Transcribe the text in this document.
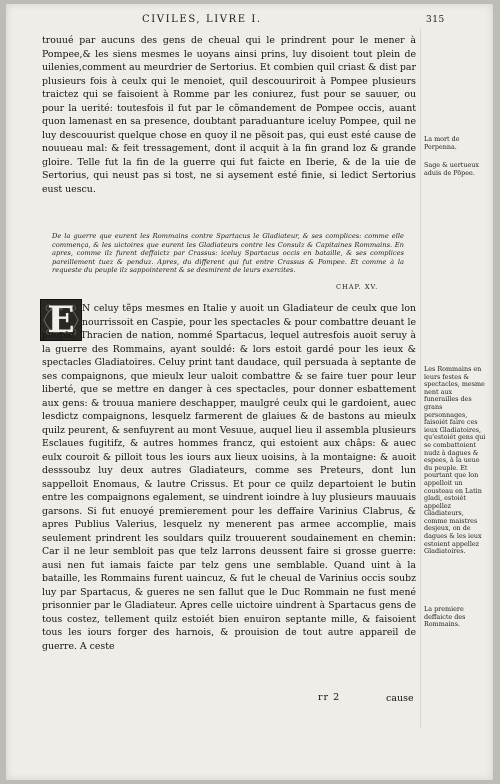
CIVILES, LIVRE I.	315

trouué par aucuns des gens de cheual qui le prindrent pour le mener à Pompee,& les siens mesmes le uoyans ainsi prins, luy disoient tout plein de uilenies,comment au meurdrier de Sertorius. Et combien quil criast & dist par plusieurs fois à ceulx qui le menoiet, quil descouuriroit à Pompee plusieurs traictez qui se faisoient à Romme par les coniurez, fust pour se sauuer, ou pour la uerité: toutesfois il fut par le cõmandement de Pompee occis, auant quon lamenast en sa presence, doubtant paraduanture iceluy Pompee, quil ne luy descouurist quelque chose en quoy il ne pẽsoit pas, qui eust esté cause de nouueau mal: & feit tressagement, dont il acquit à la fin grand loz & grande gloire. Telle fut la fin de la guerre qui fut faicte en Iberie, & de la uie de Sertorius, qui neust pas si tost, ne si aysement esté finie, si ledict Sertorius eust uescu.

De la guerre que eurent les Rommains contre Spartacus le Gladiateur, & ses complices: comme elle commença, & les uictoires que eurent les Gladiateurs contre les Consulz & Capitaines Rommains. En apres, comme ilz furent deffaictz par Crassus: iceluy Spartacus occis en bataille, & ses complices pareillement tuez & penduz. Apres, du different qui fut entre Crassus & Pompee. Et comme à la requeste du peuple ilz sappointerent & se desmirent de leurs exercites.

CHAP. XV.
E N celuy tẽps mesmes en Italie y auoit un Gladiateur de ceulx que lon nourrissoit en Caspie, pour les spectacles & pour combattre deuant le peuple, Thracien de nation, nommé Spartacus, lequel autresfois auoit seruy à la guerre des Rommains, ayant souldé: & lors estoit gardé pour les ieux & spectacles Gladiatoires. Celuy print tant daudace, quil persuada à septante de ses compaignons, que mieulx leur ualoit combattre & se faire tuer pour leur liberté, que se mettre en danger à ces spectacles, pour donner esbattement aux gens: & trouua maniere deschapper, maulgré ceulx qui le gardoient, auec lesdictz compaignons, lesquelz farmerent de glaiues & de bastons au mieulx quilz peurent, & senfuyrent au mont Vesuue, auquel lieu il assembla plusieurs Esclaues fugitifz, & autres hommes francz, qui estoient aux châps: & auec eulx couroit & pilloit tous les iours aux lieux uoisins, à la montaigne: & auoit desssoubz luy deux autres Gladiateurs, comme ses Preteurs, dont lun sappelloit Enomaus, & lautre Crissus. Et pour ce quilz departoient le butin entre les compaignons egalement, se uindrent ioindre à luy plusieurs mauuais garsons. Si fut enuoyé premierement pour les deffaire Varinius Clabrus, & apres Publius Valerius, lesquelz ny menerent pas armee accomplie, mais seulement prindrent les souldars quilz trouuerent soudainement en chemin: Car il ne leur sembloit pas que telz larrons deussent faire si grosse guerre: ausi nen fut iamais faicte par telz gens une semblable. Quand uint à la bataille, les Rommains furent uaincuz, & fut le cheual de Varinius occis soubz luy par Spartacus, & gueres ne sen fallut que le Duc Rommain ne fust mené prisonnier par le Gladiateur. Apres celle uictoire uindrent à Spartacus gens de tous costez, tellement quilz estoiét bien enuiron septante mille, & faisoient tous les iours forger des harnois, & prouision de tout autre appareil de guerre. A ceste

rr 2	cause

La mort de Perpenna.

Sage & uertueux aduis de Põpee.

Les Rommains en leurs festes & spectacles, mesme nent aux funerailles des grans personnages, faisoiét faire ces ieux Gladiatoires, qu'estoiét gens qui se combattoient nudz à dagues & espees, à la ueue du peuple. Et pourtant que lon appelloit un cousteau en Latin gladi, estoiét appellez Gladiateurs, comme maistres desjeux, on de dagues & les ieux estoient appellez Gladiatoires.

La premiere deffaicte des Rommains.
